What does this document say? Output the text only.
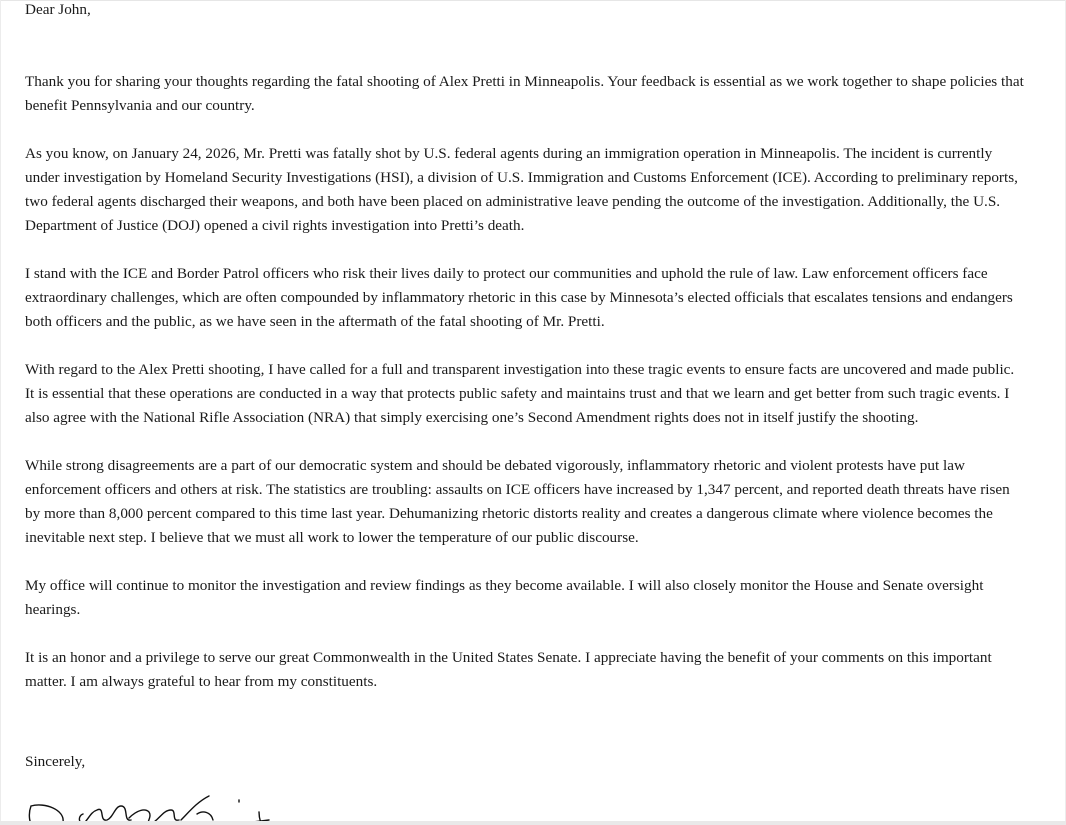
Dear John,

Thank you for sharing your thoughts regarding the fatal shooting of Alex Pretti in Minneapolis. Your feedback is essential as we work together to shape policies that benefit Pennsylvania and our country.

As you know, on January 24, 2026, Mr. Pretti was fatally shot by U.S. federal agents during an immigration operation in Minneapolis. The incident is currently under investigation by Homeland Security Investigations (HSI), a division of U.S. Immigration and Customs Enforcement (ICE). According to preliminary reports, two federal agents discharged their weapons, and both have been placed on administrative leave pending the outcome of the investigation. Additionally, the U.S. Department of Justice (DOJ) opened a civil rights investigation into Pretti’s death.

I stand with the ICE and Border Patrol officers who risk their lives daily to protect our communities and uphold the rule of law. Law enforcement officers face extraordinary challenges, which are often compounded by inflammatory rhetoric in this case by Minnesota’s elected officials that escalates tensions and endangers both officers and the public, as we have seen in the aftermath of the fatal shooting of Mr. Pretti.

With regard to the Alex Pretti shooting, I have called for a full and transparent investigation into these tragic events to ensure facts are uncovered and made public. It is essential that these operations are conducted in a way that protects public safety and maintains trust and that we learn and get better from such tragic events. I also agree with the National Rifle Association (NRA) that simply exercising one’s Second Amendment rights does not in itself justify the shooting.

While strong disagreements are a part of our democratic system and should be debated vigorously, inflammatory rhetoric and violent protests have put law enforcement officers and others at risk. The statistics are troubling: assaults on ICE officers have increased by 1,347 percent, and reported death threats have risen by more than 8,000 percent compared to this time last year. Dehumanizing rhetoric distorts reality and creates a dangerous climate where violence becomes the inevitable next step. I believe that we must all work to lower the temperature of our public discourse.

My office will continue to monitor the investigation and review findings as they become available. I will also closely monitor the House and Senate oversight hearings.

It is an honor and a privilege to serve our great Commonwealth in the United States Senate. I appreciate having the benefit of your comments on this important matter. I am always grateful to hear from my constituents.

Sincerely,
